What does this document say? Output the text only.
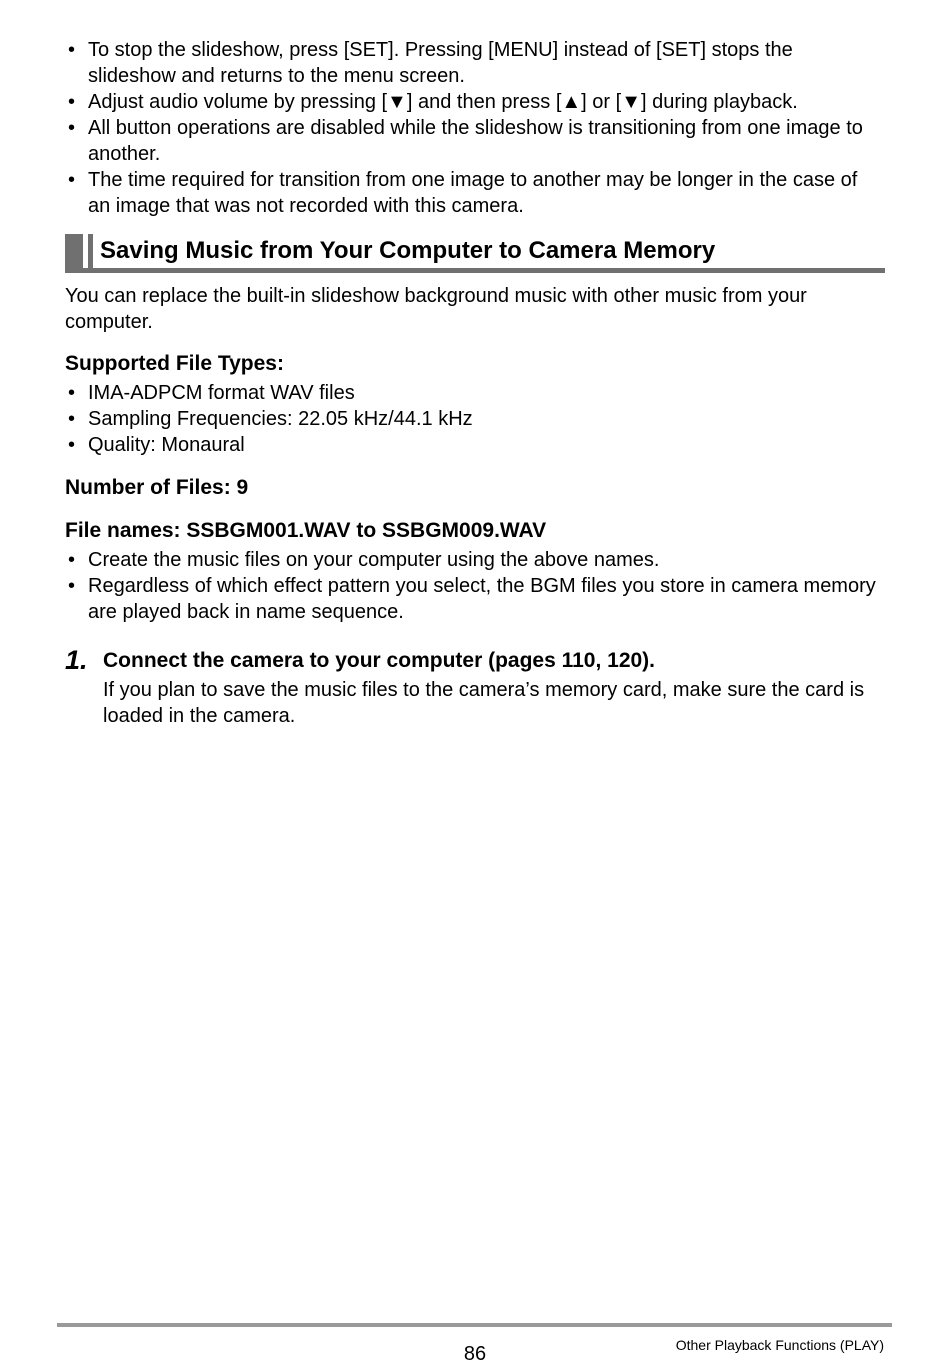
• To stop the slideshow, press [SET]. Pressing [MENU] instead of [SET] stops the slideshow and returns to the menu screen.
• Adjust audio volume by pressing [▼] and then press [▲] or [▼] during playback.
• All button operations are disabled while the slideshow is transitioning from one image to another.
• The time required for transition from one image to another may be longer in the case of an image that was not recorded with this camera.
Saving Music from Your Computer to Camera Memory

You can replace the built-in slideshow background music with other music from your computer.

Supported File Types:

• IMA-ADPCM format WAV files
• Sampling Frequencies: 22.05 kHz/44.1 kHz
• Quality: Monaural

Number of Files: 9

File names: SSBGM001.WAV to SSBGM009.WAV

• Create the music files on your computer using the above names.
• Regardless of which effect pattern you select, the BGM files you store in camera memory are played back in name sequence.
1. Connect the camera to your computer (pages 110, 120).

If you plan to save the music files to the camera’s memory card, make sure the card is loaded in the camera.

86	Other Playback Functions (PLAY)
